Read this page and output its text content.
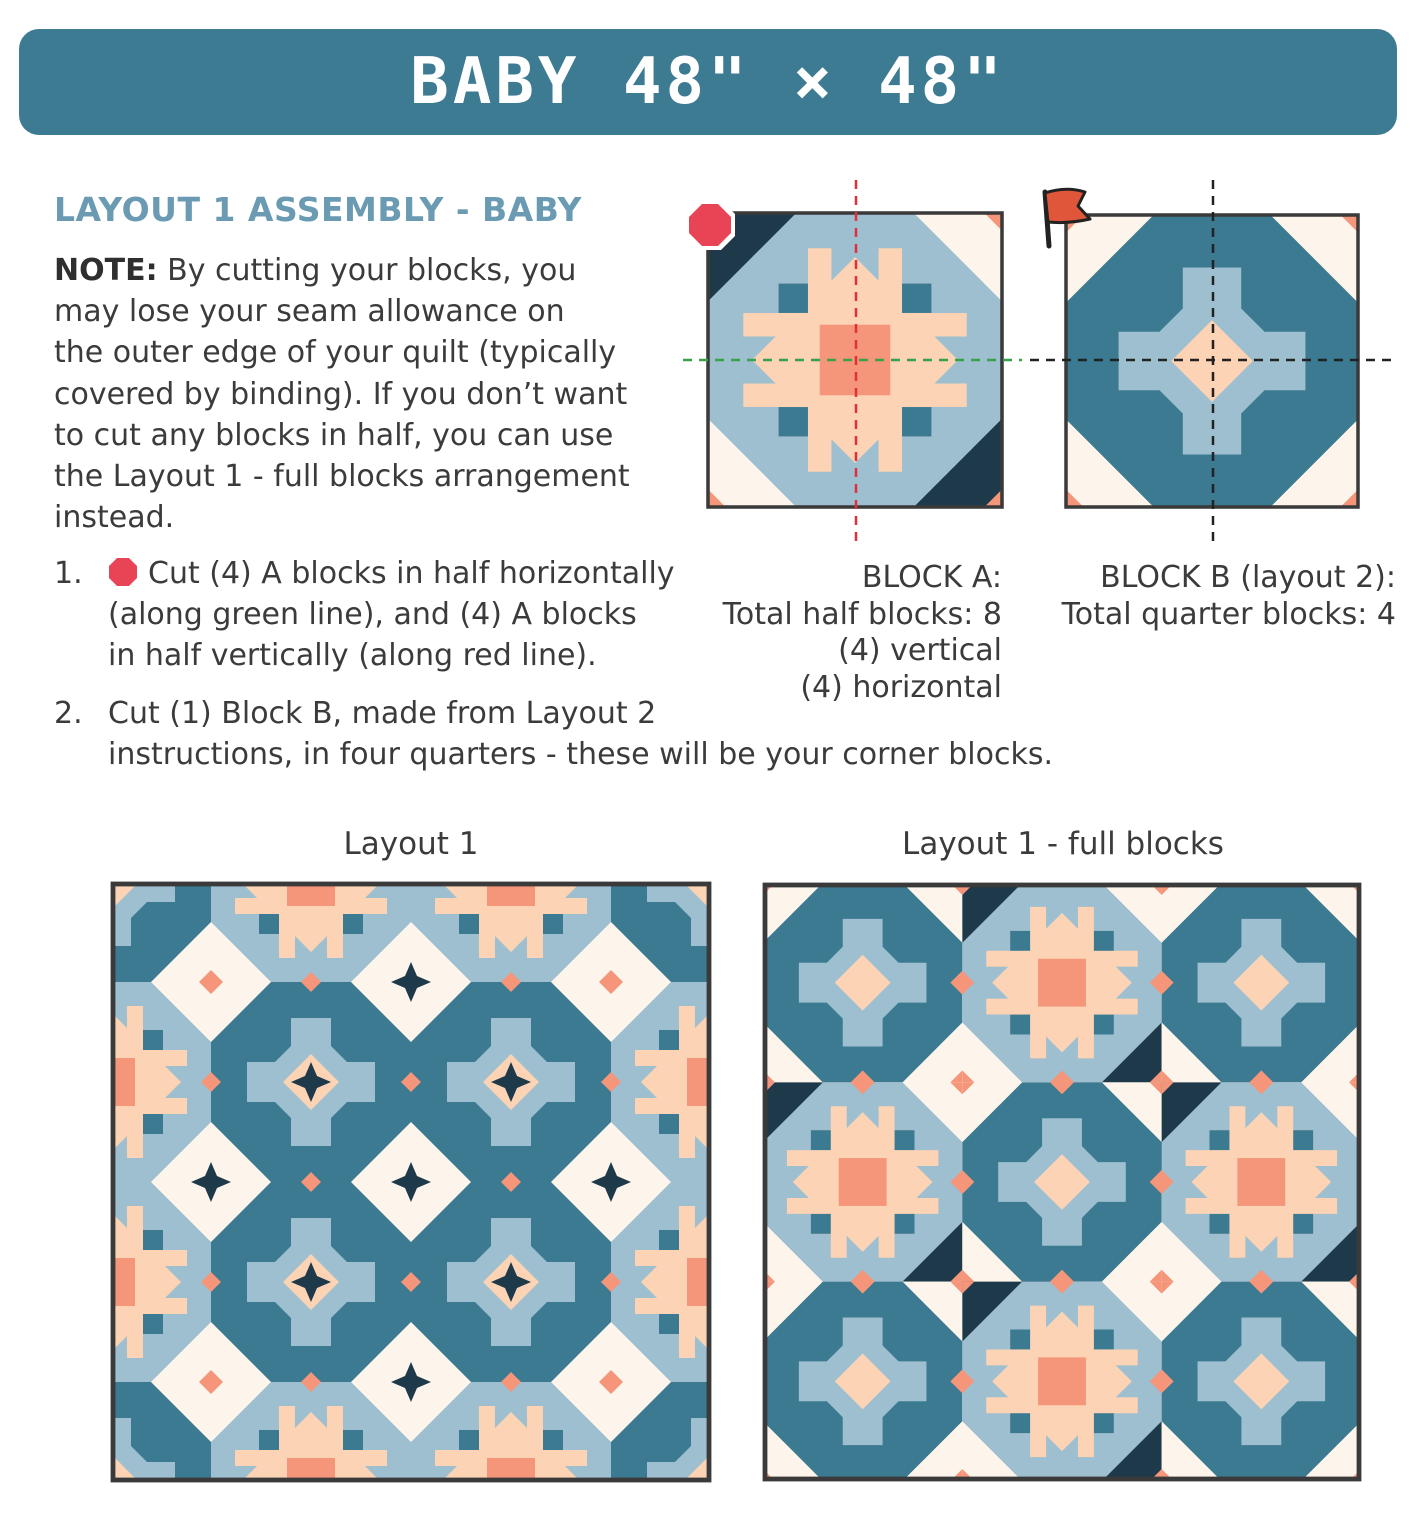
BABY 48" × 48"
LAYOUT 1 ASSEMBLY - BABY

NOTE: By cutting your blocks, you
may lose your seam allowance on
the outer edge of your quilt (typically
covered by binding). If you don’t want
to cut any blocks in half, you can use
the Layout 1 - full blocks arrangement
instead.

1.	Cut (4) A blocks in half horizontally
(along green line), and (4) A blocks
in half vertically (along red line).
2. Cut (1) Block B, made from Layout 2
instructions, in four quarters - these will be your corner blocks.
BLOCK A:
Total half blocks: 8
(4) vertical
(4) horizontal
BLOCK B (layout 2):
Total quarter blocks: 4
Layout 1	Layout 1 - full blocks
